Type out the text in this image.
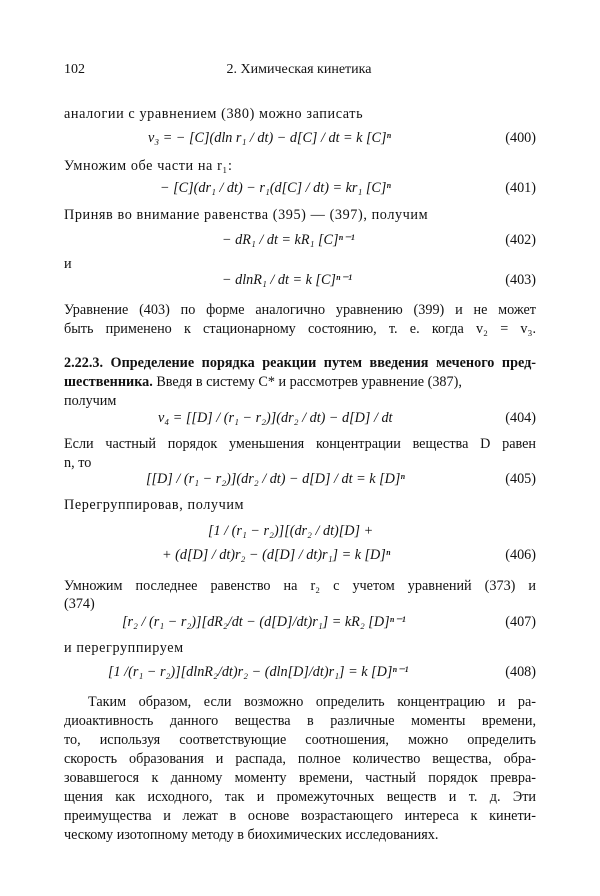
102	2. Химическая кинетика
аналогии с уравнением (380) можно записать
v₃ = − [C](dln r₁ / dt) − d[C] / dt = k [C]ⁿ	(400)
Умножим обе части на r₁:
− [C](dr₁ / dt) − r₁(d[C] / dt) = kr₁ [C]ⁿ	(401)
Приняв во внимание равенства (395) — (397), получим
− dR₁ / dt = kR₁ [C]ⁿ⁻¹	(402)
и
− dlnR₁ / dt = k [C]ⁿ⁻¹	(403)
Уравнение (403) по форме аналогично уравнению (399) и не может
быть применено к стационарному состоянию, т. е. когда v₂ = v₃.
2.22.3. Определение порядка реакции путем введения меченого пред-
шественника. Введя в систему C* и рассмотрев уравнение (387),
получим
v₄ = [[D] / (r₁ − r₂)](dr₂ / dt) − d[D] / dt	(404)
Если частный порядок уменьшения концентрации вещества D равен
n, то
[[D] / (r₁ − r₂)](dr₂ / dt) − d[D] / dt = k [D]ⁿ	(405)
Перегруппировав, получим
[1 / (r₁ − r₂)][(dr₂ / dt)[D] +
+ (d[D] / dt)r₂ − (d[D] / dt)r₁] = k [D]ⁿ	(406)
Умножим последнее равенство на r₂ с учетом уравнений (373) и
(374)
[r₂ / (r₁ − r₂)][dR₂/dt − (d[D]/dt)r₁] = kR₂ [D]ⁿ⁻¹	(407)
и перегруппируем
[1 /(r₁ − r₂)][dlnR₂/dt)r₂ − (dln[D]/dt)r₁] = k [D]ⁿ⁻¹	(408)
Таким образом, если возможно определить концентрацию и ра-
диоактивность данного вещества в различные моменты времени,
то, используя соответствующие соотношения, можно определить
скорость образования и распада, полное количество вещества, обра-
зовавшегося к данному моменту времени, частный порядок превра-
щения как исходного, так и промежуточных веществ и т. д. Эти
преимущества и лежат в основе возрастающего интереса к кинети-
ческому изотопному методу в биохимических исследованиях.
